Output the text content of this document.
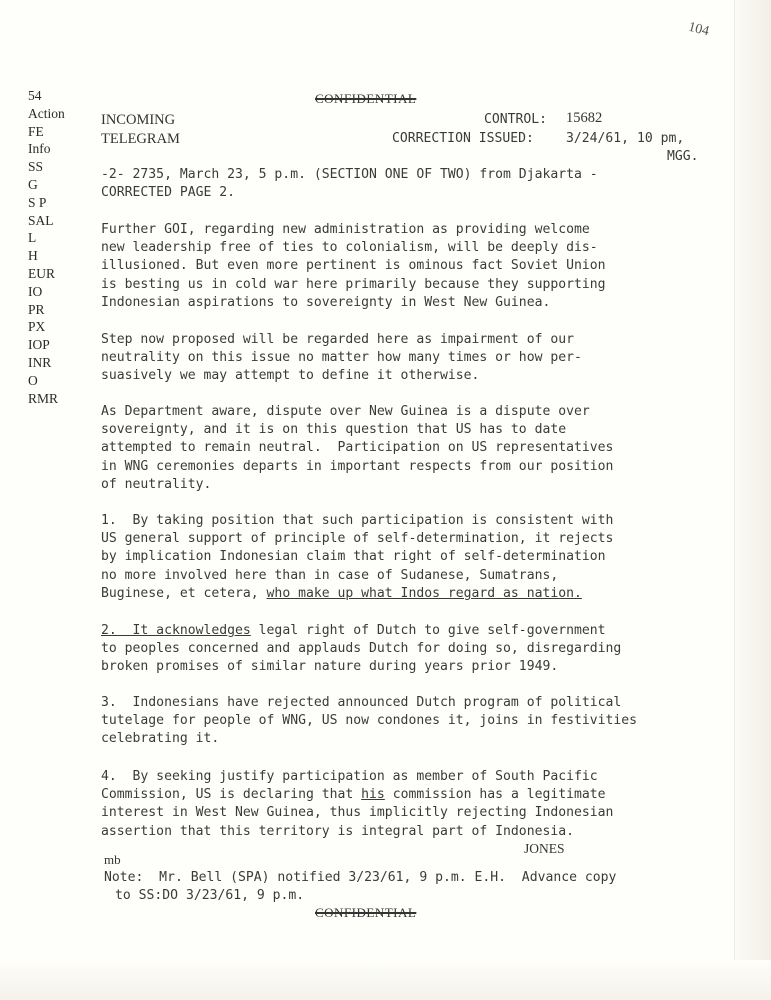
104
CONFIDENTIAL
54
Action
FE
Info
SS
G
S P
SAL
L
H
EUR
IO
PR
PX
IOP
INR
O
RMR
INCOMING
TELEGRAM
CONTROL: 15682
CORRECTION ISSUED: 3/24/61, 10 pm,
MGG.
-2- 2735, March 23, 5 p.m. (SECTION ONE OF TWO) from Djakarta -
CORRECTED PAGE 2.
Further GOI, regarding new administration as providing welcome
new leadership free of ties to colonialism, will be deeply dis-
illusioned. But even more pertinent is ominous fact Soviet Union
is besting us in cold war here primarily because they supporting
Indonesian aspirations to sovereignty in West New Guinea.
Step now proposed will be regarded here as impairment of our
neutrality on this issue no matter how many times or how per-
suasively we may attempt to define it otherwise.
As Department aware, dispute over New Guinea is a dispute over
sovereignty, and it is on this question that US has to date
attempted to remain neutral.  Participation on US representatives
in WNG ceremonies departs in important respects from our position
of neutrality.
1.  By taking position that such participation is consistent with
US general support of principle of self-determination, it rejects
by implication Indonesian claim that right of self-determination
no more involved here than in case of Sudanese, Sumatrans,
Buginese, et cetera, who make up what Indos regard as nation.
2.  It acknowledges legal right of Dutch to give self-government
to peoples concerned and applauds Dutch for doing so, disregarding
broken promises of similar nature during years prior 1949.
3.  Indonesians have rejected announced Dutch program of political
tutelage for people of WNG, US now condones it, joins in festivities
celebrating it.
4.  By seeking justify participation as member of South Pacific
Commission, US is declaring that his commission has a legitimate
interest in West New Guinea, thus implicitly rejecting Indonesian
assertion that this territory is integral part of Indonesia.
JONES
mb
Note:  Mr. Bell (SPA) notified 3/23/61, 9 p.m. E.H.  Advance copy
to SS:DO 3/23/61, 9 p.m.
CONFIDENTIAL
